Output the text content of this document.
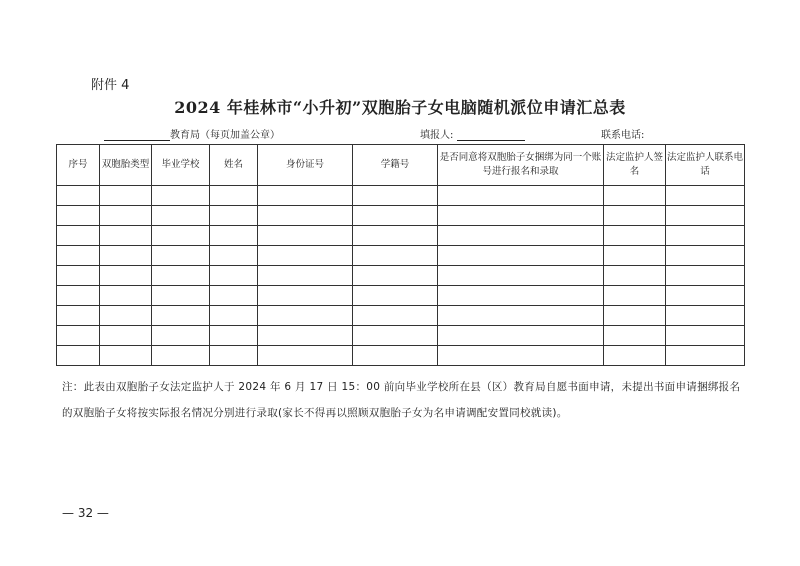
附件 4
2024 年桂林市“小升初”双胞胎子女电脑随机派位申请汇总表
教育局（每页加盖公章）	填报人:	联系电话:
序号	双胞胎类型	毕业学校	姓名	身份证号	学籍号	是否同意将双胞胎子女捆绑为同一个账号进行报名和录取	法定监护人签名	法定监护人联系电话

注：此表由双胞胎子女法定监护人于 2024 年 6 月 17 日 15：00 前向毕业学校所在县（区）教育局自愿书面申请，未提出书面申请捆绑报名的双胞胎子女将按实际报名情况分别进行录取(家长不得再以照顾双胞胎子女为名申请调配安置同校就读)。
— 32 —
